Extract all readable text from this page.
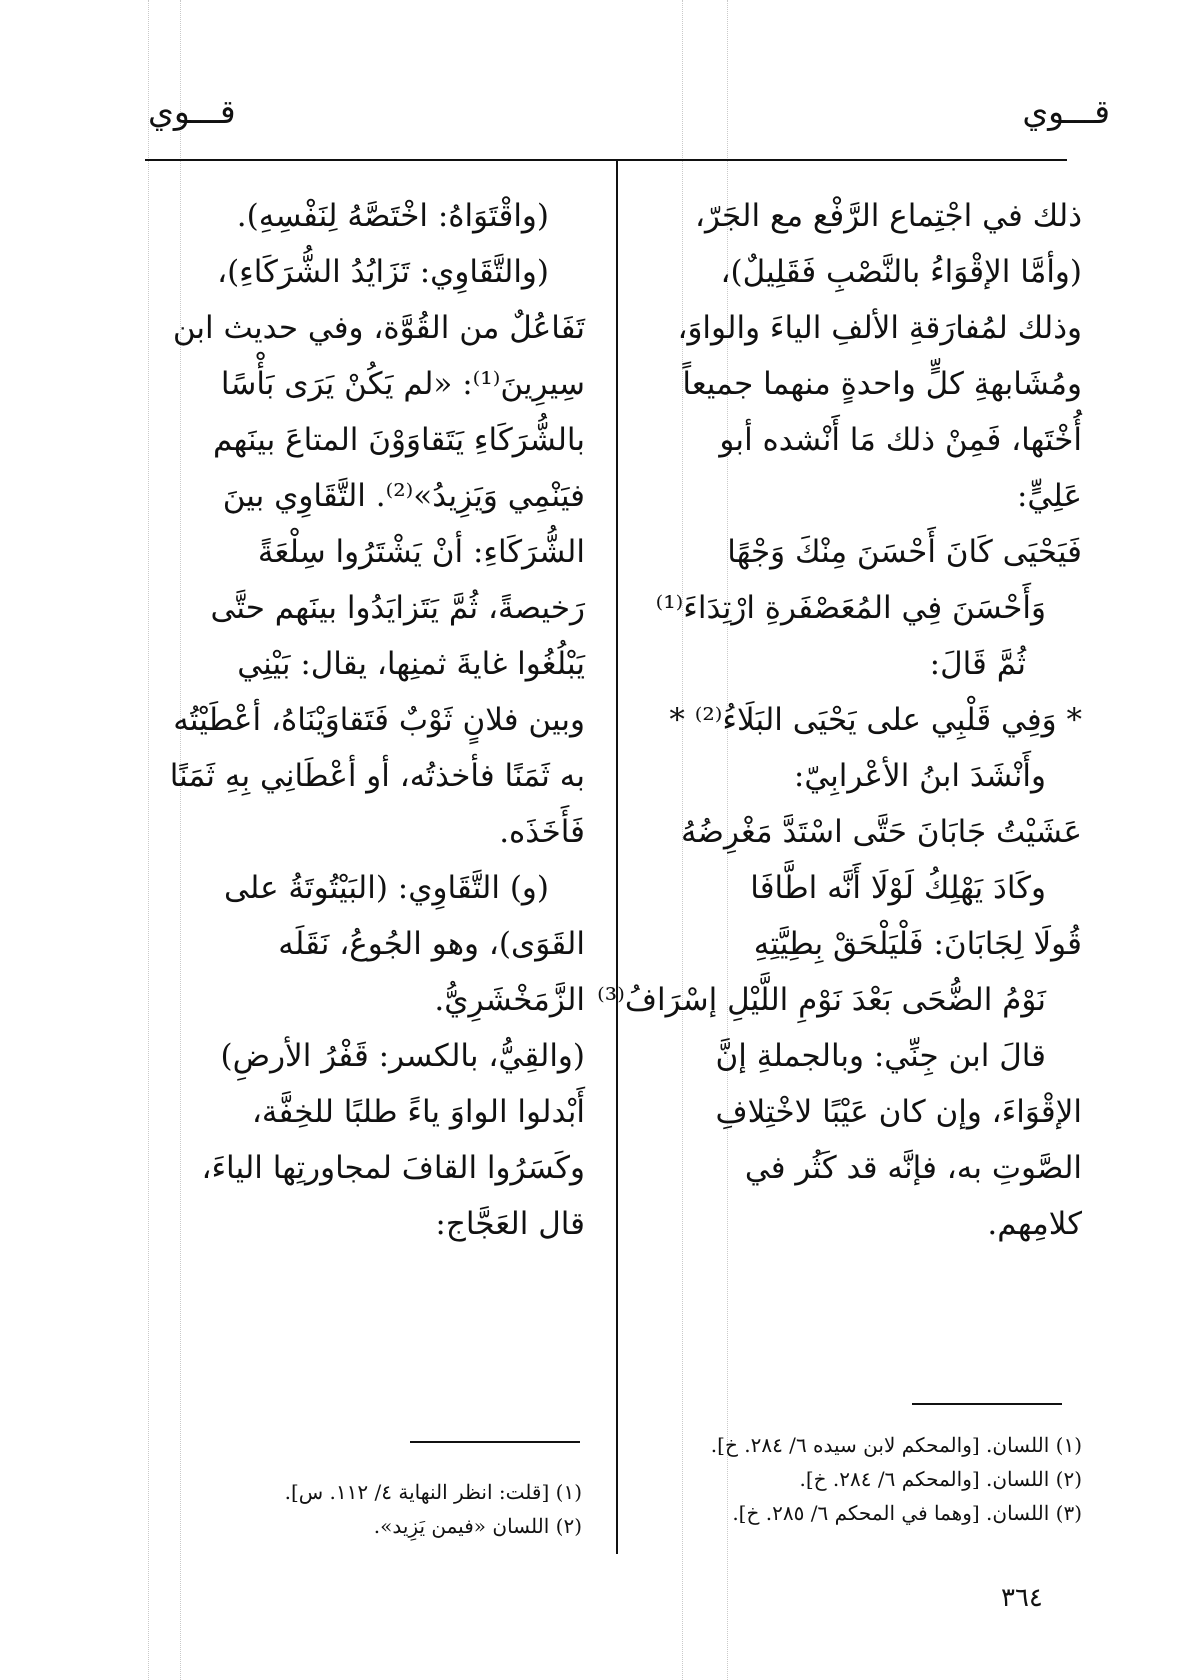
قـــوي
قـــوي
ذلك في اجْتِماع الرَّفْع مع الجَرّ،
(وأمَّا الإقْوَاءُ بالنَّصْبِ فَقَلِيلٌ)،
وذلك لمُفارَقةِ الألفِ الياءَ والواوَ،
ومُشَابهةِ كلٍّ واحدةٍ منهما جميعاً
أُخْتَها، فَمِنْ ذلك مَا أَنْشده أبو
عَلِيٍّ:
فَيَحْيَى كَانَ أَحْسَنَ مِنْكَ وَجْهًا
وَأَحْسَنَ فِي المُعَصْفَرةِ ارْتِدَاءَ⁽¹⁾
ثُمَّ قَالَ:
* وَفِي قَلْبِي على يَحْيَى البَلَاءُ⁽²⁾ *
وأَنْشَدَ ابنُ الأعْرابِيّ:
عَشَيْتُ جَابَانَ حَتَّى اسْتَدَّ مَغْرِضُهُ
وكَادَ يَهْلِكُ لَوْلَا أَنَّه اطَّافَا
قُولَا لِجَابَانَ: فَلْيَلْحَقْ بِطِيَّتِهِ
نَوْمُ الضُّحَى بَعْدَ نَوْمِ اللَّيْلِ إسْرَافُ⁽³⁾
قالَ ابن جِنِّي: وبالجملةِ إنَّ
الإقْوَاءَ، وإن كان عَيْبًا لاخْتِلافِ
الصَّوتِ به، فإنَّه قد كَثُر في
كلامِهم.
(واقْتَوَاهُ: اخْتَصَّهُ لِنَفْسِهِ).
(والتَّقَاوِي: تَزَايُدُ الشُّرَكَاءِ)،
تَفَاعُلٌ من القُوَّة، وفي حديث ابن
سِيرِينَ⁽¹⁾: «لم يَكُنْ يَرَى بَأْسًا
بالشُّرَكَاءِ يَتَقاوَوْنَ المتاعَ بينَهم
فيَنْمِي وَيَزِيدُ»⁽²⁾. التَّقَاوِي بينَ
الشُّرَكَاءِ: أنْ يَشْتَرُوا سِلْعَةً
رَخيصةً، ثُمَّ يَتَزايَدُوا بينَهم حتَّى
يَبْلُغُوا غايةَ ثمنِها، يقال: بَيْنِي
وبين فلانٍ ثَوْبٌ فَتَقاوَيْنَاهُ، أعْطَيْتُه
به ثَمَنًا فأخذتُه، أو أعْطَانِي بِهِ ثَمَنًا
فَأَخَذَه.
(و) التَّقَاوِي: (البَيْتُوتَةُ على
القَوَى)، وهو الجُوعُ، نَقَلَه
الزَّمَخْشَرِيُّ.
(والقِيُّ، بالكسر: قَفْرُ الأرضِ)
أَبْدلوا الواوَ ياءً طلبًا للخِفَّة،
وكَسَرُوا القافَ لمجاورتِها الياءَ،
قال العَجَّاج:
(١) اللسان. [والمحكم لابن سيده ٦/ ٢٨٤. خ].
(٢) اللسان. [والمحكم ٦/ ٢٨٤. خ].
(٣) اللسان. [وهما في المحكم ٦/ ٢٨٥. خ].
(١) [قلت: انظر النهاية ٤/ ١١٢. س].
(٢) اللسان «فيمن يَزِيد».
٣٦٤
